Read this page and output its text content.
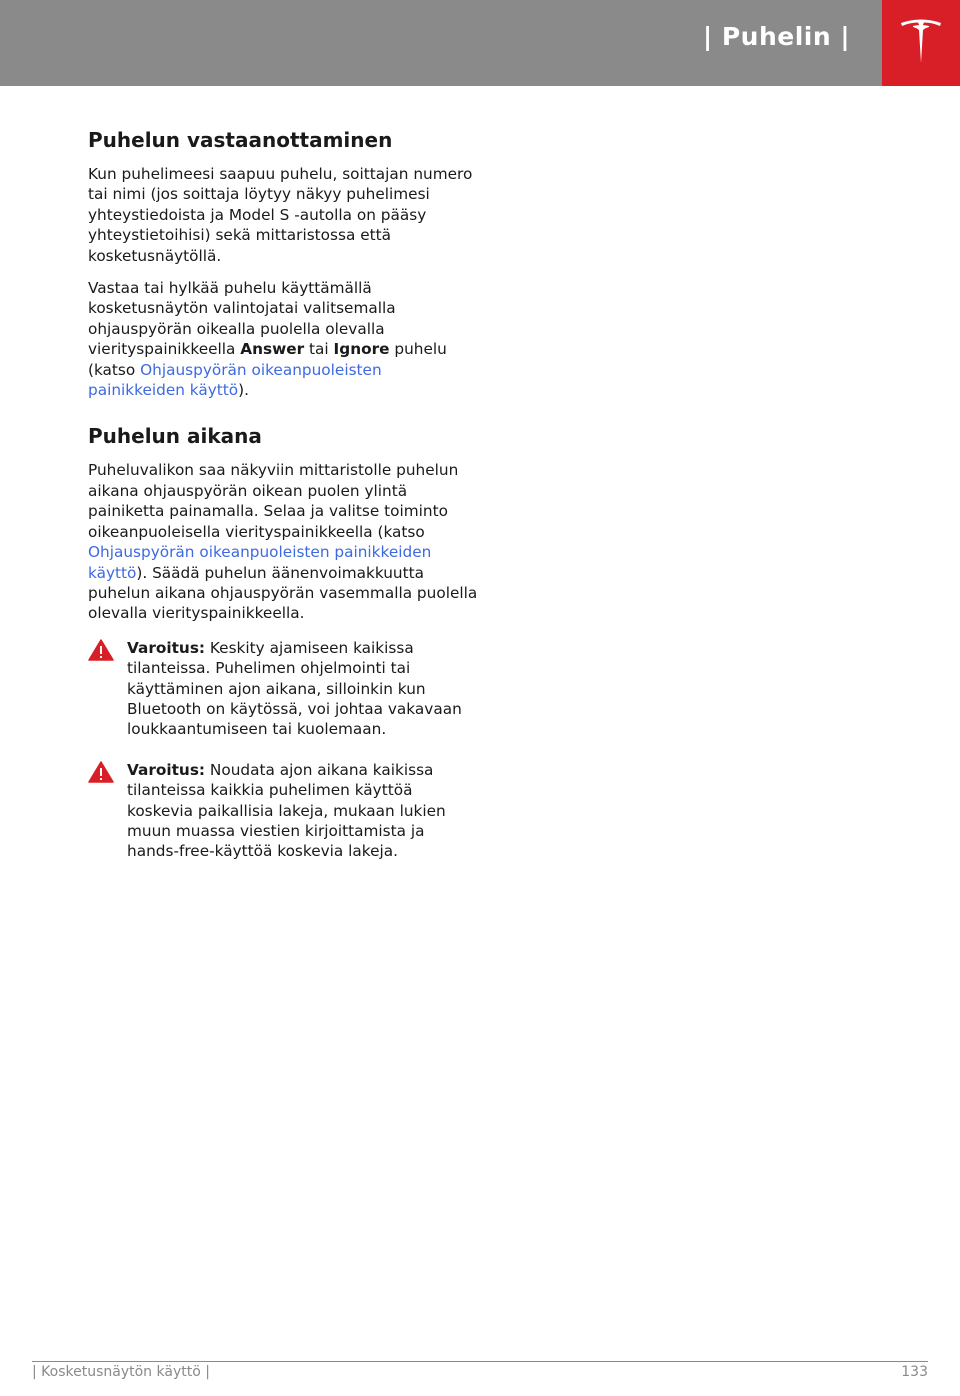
| Puhelin |
Puhelun vastaanottaminen

Kun puhelimeesi saapuu puhelu, soittajan numero tai nimi (jos soittaja löytyy näkyy puhelimesi yhteystiedoista ja Model S -autolla on pääsy yhteystietoihisi) sekä mittaristossa että kosketusnäytöllä.

Vastaa tai hylkää puhelu käyttämällä kosketusnäytön valintojatai valitsemalla ohjauspyörän oikealla puolella olevalla vierityspainikkeella Answer tai Ignore puhelu (katso Ohjauspyörän oikeanpuoleisten painikkeiden käyttö).

Puhelun aikana

Puheluvalikon saa näkyviin mittaristolle puhelun aikana ohjauspyörän oikean puolen ylintä painiketta painamalla. Selaa ja valitse toiminto oikeanpuoleisella vierityspainikkeella (katso Ohjauspyörän oikeanpuoleisten painikkeiden käyttö). Säädä puhelun äänenvoimakkuutta puhelun aikana ohjauspyörän vasemmalla puolella olevalla vierityspainikkeella.

Varoitus: Keskity ajamiseen kaikissa tilanteissa. Puhelimen ohjelmointi tai käyttäminen ajon aikana, silloinkin kun Bluetooth on käytössä, voi johtaa vakavaan loukkaantumiseen tai kuolemaan.

Varoitus: Noudata ajon aikana kaikissa tilanteissa kaikkia puhelimen käyttöä koskevia paikallisia lakeja, mukaan lukien muun muassa viestien kirjoittamista ja hands-free-käyttöä koskevia lakeja.

| Kosketusnäytön käyttö |	133
